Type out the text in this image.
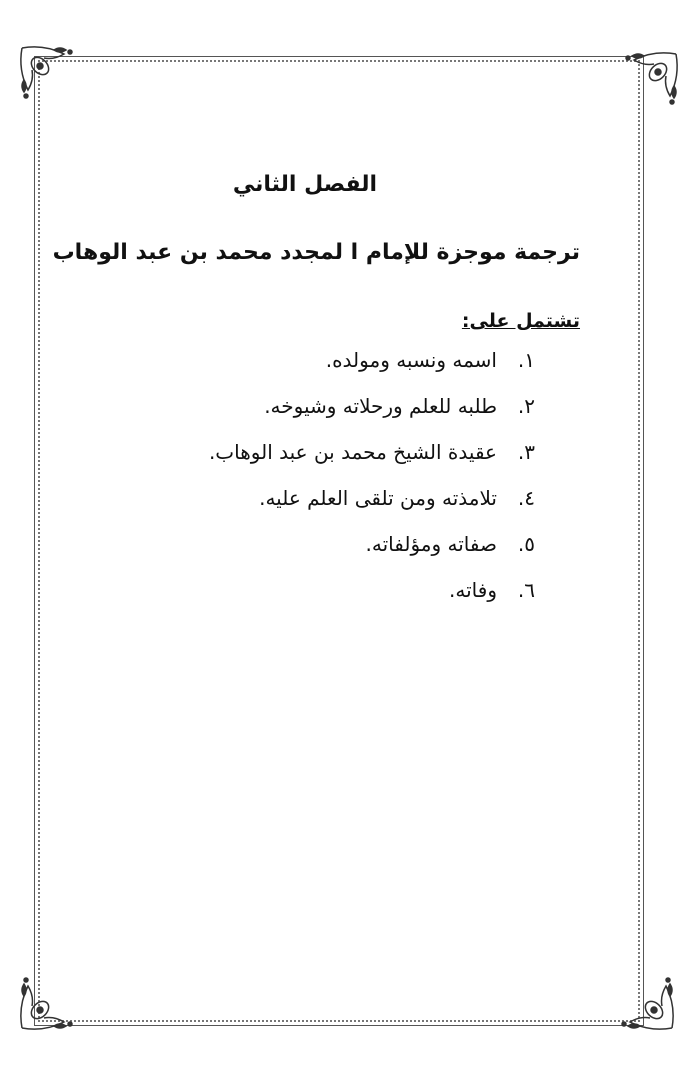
الفصل الثاني
ترجمة موجزة للإمام ا لمجدد محمد بن عبد الوهاب

تشتمل على:

١.
اسمه ونسبه ومولده.
٢.
طلبه للعلم ورحلاته وشيوخه.
٣.
عقيدة الشيخ محمد بن عبد الوهاب.
٤.
تلامذته ومن تلقى العلم عليه.
٥.
صفاته ومؤلفاته.
٦.
وفاته.
